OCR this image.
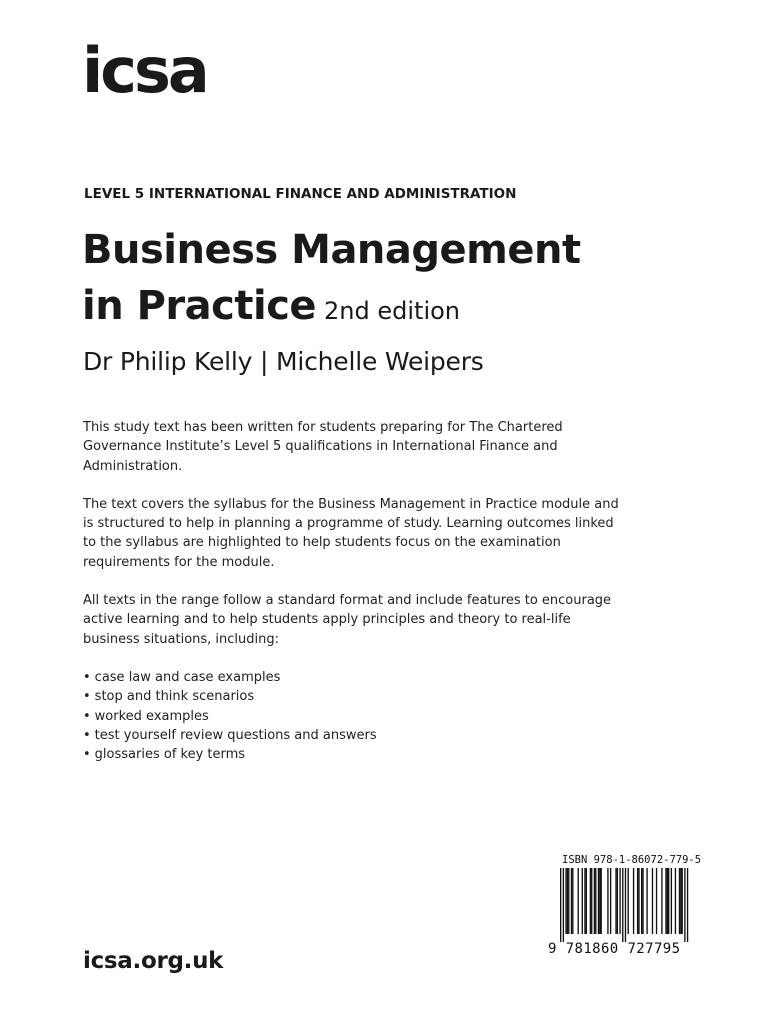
icsa
LEVEL 5 INTERNATIONAL FINANCE AND ADMINISTRATION
Business Management
in Practice 2nd edition
Dr Philip Kelly | Michelle Weipers

This study text has been written for students preparing for The Chartered Governance Institute’s Level 5 qualifications in International Finance and Administration.

The text covers the syllabus for the Business Management in Practice module and is structured to help in planning a programme of study. Learning outcomes linked to the syllabus are highlighted to help students focus on the examination requirements for the module.

All texts in the range follow a standard format and include features to encourage active learning and to help students apply principles and theory to real-life business situations, including:

• case law and case examples
• stop and think scenarios
• worked examples
• test yourself review questions and answers
• glossaries of key terms
icsa.org.uk
ISBN 978-1-86072-779-5
9 781860 727795
